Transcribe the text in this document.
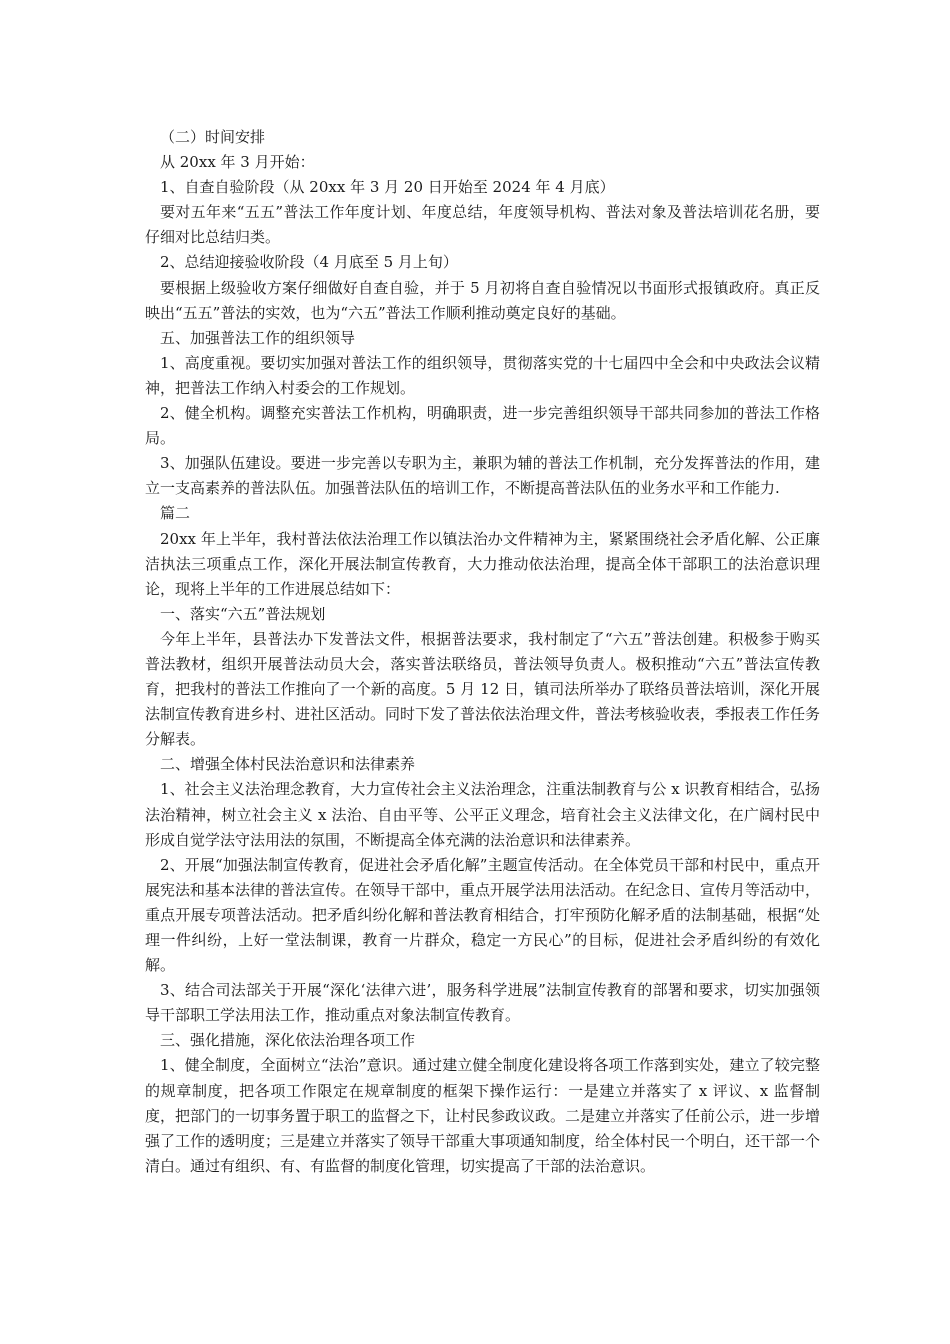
（二）时间安排

从 20xx 年 3 月开始：

1、自查自验阶段（从 20xx 年 3 月 20 日开始至 2024 年 4 月底）

要对五年来“五五”普法工作年度计划、年度总结，年度领导机构、普法对象及普法培训花名册，要仔细对比总结归类。

2、总结迎接验收阶段（4 月底至 5 月上旬）

要根据上级验收方案仔细做好自查自验，并于 5 月初将自查自验情况以书面形式报镇政府。真正反映出“五五”普法的实效，也为“六五”普法工作顺利推动奠定良好的基础。

五、加强普法工作的组织领导

1、高度重视。要切实加强对普法工作的组织领导，贯彻落实党的十七届四中全会和中央政法会议精神，把普法工作纳入村委会的工作规划。

2、健全机构。调整充实普法工作机构，明确职责，进一步完善组织领导干部共同参加的普法工作格局。

3、加强队伍建设。要进一步完善以专职为主，兼职为辅的普法工作机制，充分发挥普法的作用，建立一支高素养的普法队伍。加强普法队伍的培训工作，不断提高普法队伍的业务水平和工作能力.

篇二

20xx 年上半年，我村普法依法治理工作以镇法治办文件精神为主，紧紧围绕社会矛盾化解、公正廉洁执法三项重点工作，深化开展法制宣传教育，大力推动依法治理，提高全体干部职工的法治意识理论，现将上半年的工作进展总结如下：

一、落实“六五”普法规划

今年上半年，县普法办下发普法文件，根据普法要求，我村制定了“六五”普法创建。积极参于购买普法教材，组织开展普法动员大会，落实普法联络员，普法领导负责人。极积推动“六五”普法宣传教育，把我村的普法工作推向了一个新的高度。5 月 12 日，镇司法所举办了联络员普法培训，深化开展法制宣传教育进乡村、进社区活动。同时下发了普法依法治理文件，普法考核验收表，季报表工作任务分解表。

二、增强全体村民法治意识和法律素养

1、社会主义法治理念教育，大力宣传社会主义法治理念，注重法制教育与公 x 识教育相结合，弘扬法治精神，树立社会主义 x 法治、自由平等、公平正义理念，培育社会主义法律文化，在广阔村民中形成自觉学法守法用法的氛围，不断提高全体充满的法治意识和法律素养。

2、开展“加强法制宣传教育，促进社会矛盾化解”主题宣传活动。在全体党员干部和村民中，重点开展宪法和基本法律的普法宣传。在领导干部中，重点开展学法用法活动。在纪念日、宣传月等活动中，重点开展专项普法活动。把矛盾纠纷化解和普法教育相结合，打牢预防化解矛盾的法制基础，根据“处理一件纠纷，上好一堂法制课，教育一片群众，稳定一方民心”的目标，促进社会矛盾纠纷的有效化解。

3、结合司法部关于开展“深化‘法律六进’，服务科学进展”法制宣传教育的部署和要求，切实加强领导干部职工学法用法工作，推动重点对象法制宣传教育。

三、强化措施，深化依法治理各项工作

1、健全制度，全面树立“法治”意识。通过建立健全制度化建设将各项工作落到实处，建立了较完整的规章制度，把各项工作限定在规章制度的框架下操作运行：一是建立并落实了 x 评议、x 监督制度，把部门的一切事务置于职工的监督之下，让村民参政议政。二是建立并落实了任前公示，进一步增强了工作的透明度；三是建立并落实了领导干部重大事项通知制度，给全体村民一个明白，还干部一个清白。通过有组织、有、有监督的制度化管理，切实提高了干部的法治意识。
